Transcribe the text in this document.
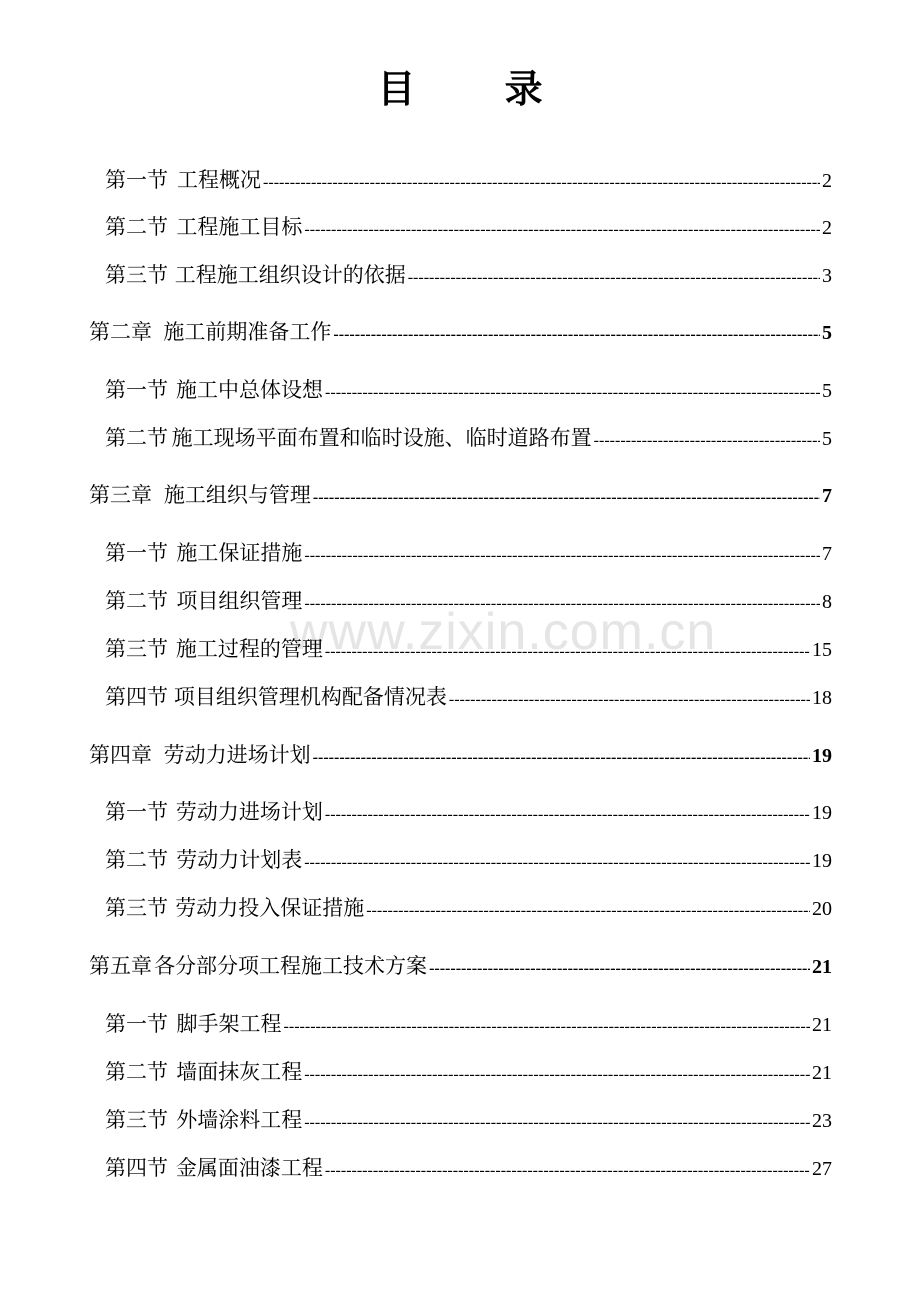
目 录
www.zixin.com.cn
第一节 工程概况 -----	2
第二节 工程施工目标 -----	2
第三节 工程施工组织设计的依据 -----	3
第二章 施工前期准备工作 -----	5
第一节 施工中总体设想 -----	5
第二节 施工现场平面布置和临时设施、临时道路布置 -----	5
第三章 施工组织与管理 -----	7
第一节 施工保证措施 -----	7
第二节 项目组织管理 -----	8
第三节 施工过程的管理 -----	15
第四节 项目组织管理机构配备情况表 -----	18
第四章 劳动力进场计划 -----	19
第一节 劳动力进场计划 -----	19
第二节 劳动力计划表 -----	19
第三节 劳动力投入保证措施 -----	20
第五章 各分部分项工程施工技术方案 -----	21
第一节 脚手架工程 -----	21
第二节 墙面抹灰工程 -----	21
第三节 外墙涂料工程 -----	23
第四节 金属面油漆工程 -----	27
